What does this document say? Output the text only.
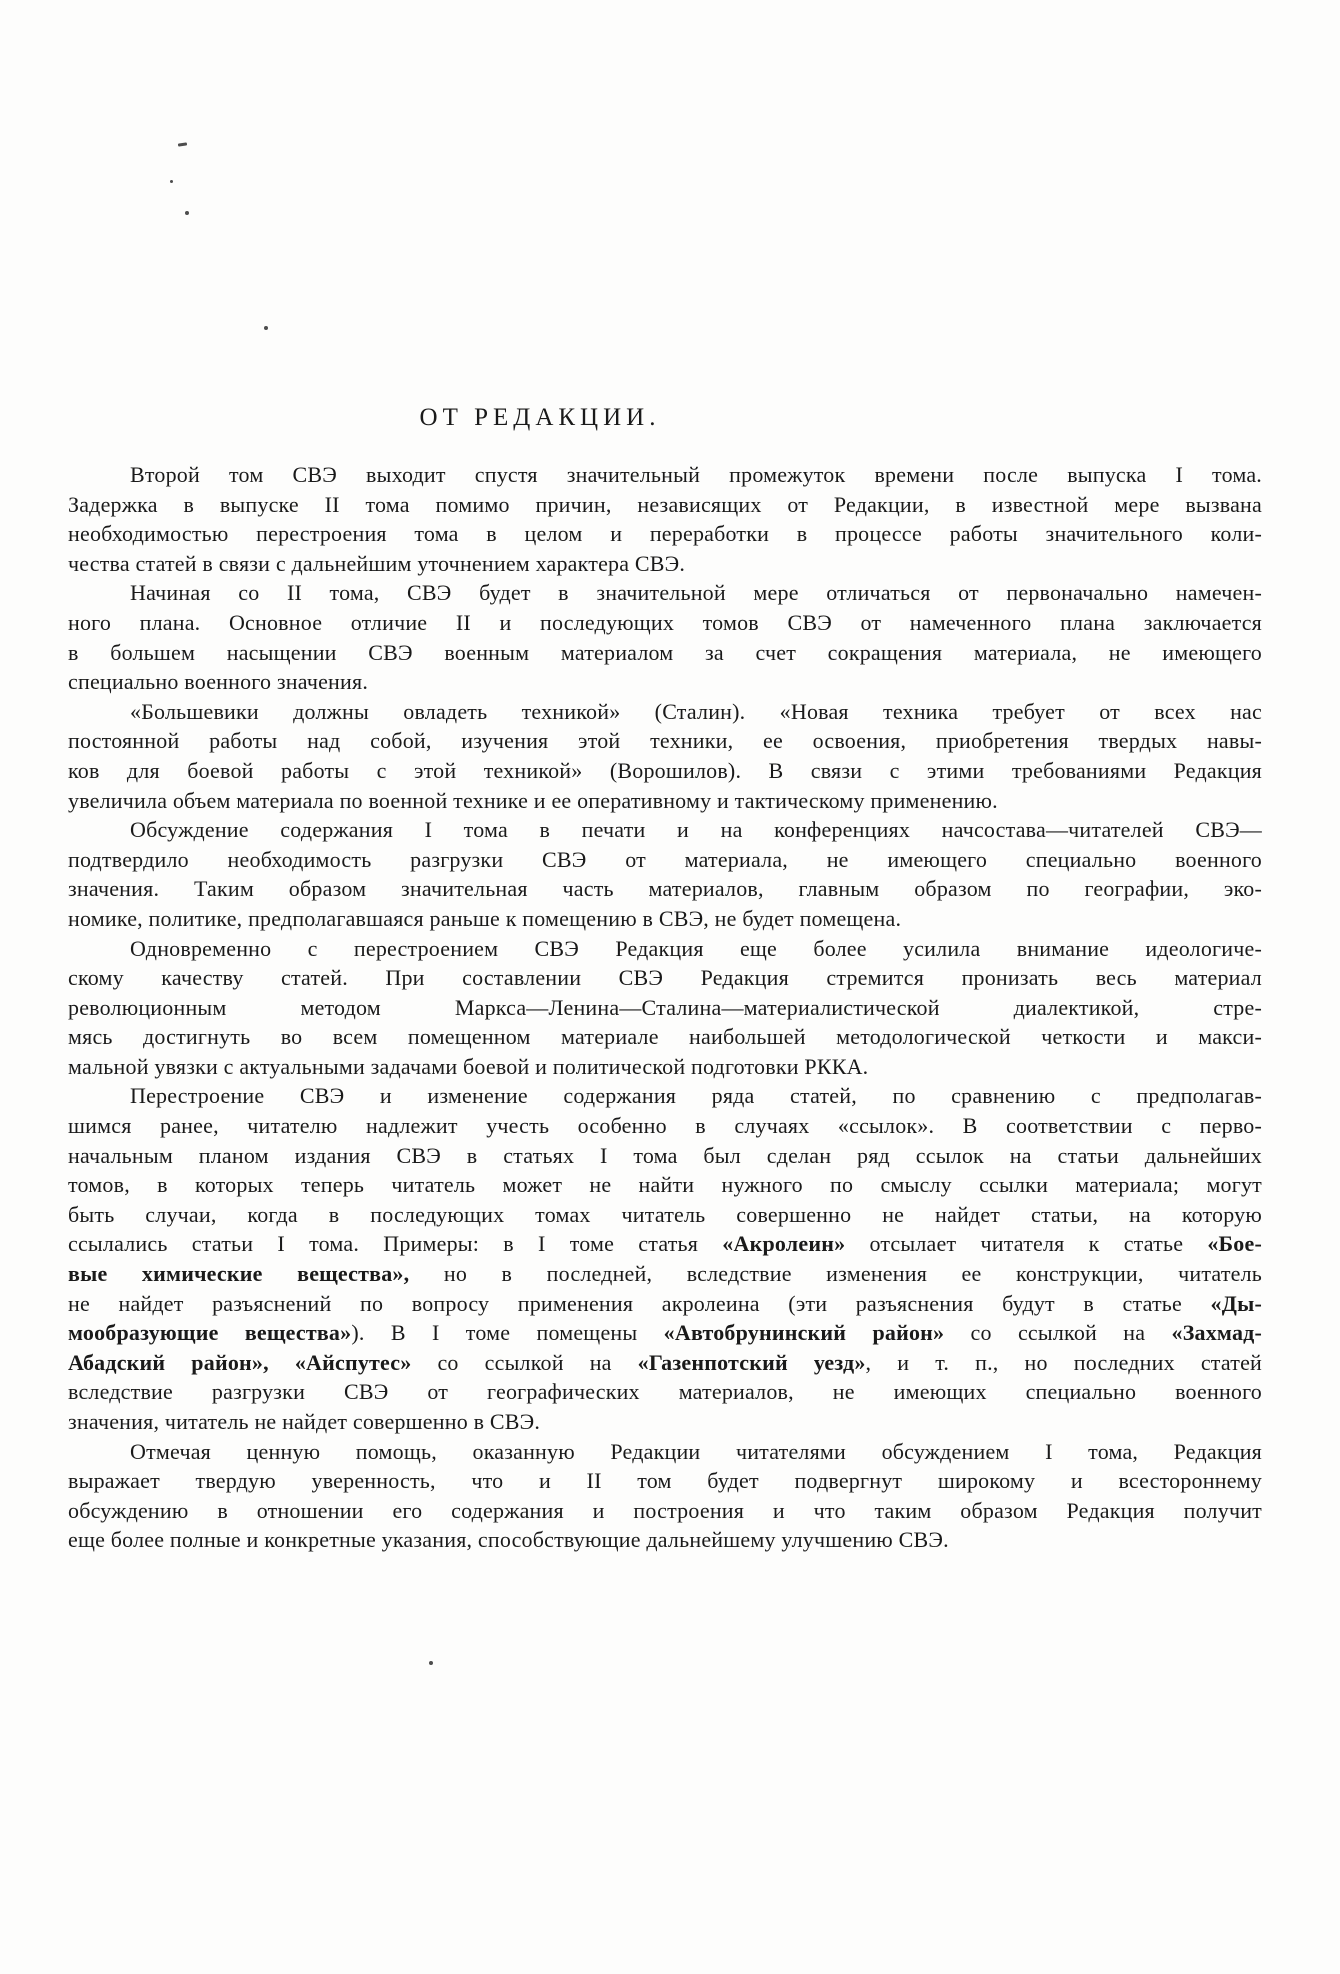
ОТ РЕДАКЦИИ.
Второй том СВЭ выходит спустя значительный промежуток времени после выпуска I тома.
Задержка в выпуске II тома помимо причин, независящих от Редакции, в известной мере вызвана
необходимостью перестроения тома в целом и переработки в процессе работы значительного коли-
чества статей в связи с дальнейшим уточнением характера СВЭ.
Начиная со II тома, СВЭ будет в значительной мере отличаться от первоначально намечен-
ного плана. Основное отличие II и последующих томов СВЭ от намеченного плана заключается
в большем насыщении СВЭ военным материалом за счет сокращения материала, не имеющего
специально военного значения.
«Большевики должны овладеть техникой» (Сталин). «Новая техника требует от всех нас
постоянной работы над собой, изучения этой техники, ее освоения, приобретения твердых навы-
ков для боевой работы с этой техникой» (Ворошилов). В связи с этими требованиями Редакция
увеличила объем материала по военной технике и ее оперативному и тактическому применению.
Обсуждение содержания I тома в печати и на конференциях начсостава—читателей СВЭ—
подтвердило необходимость разгрузки СВЭ от материала, не имеющего специально военного
значения. Таким образом значительная часть материалов, главным образом по географии, эко-
номике, политике, предполагавшаяся раньше к помещению в СВЭ, не будет помещена.
Одновременно с перестроением СВЭ Редакция еще более усилила внимание идеологиче-
скому качеству статей. При составлении СВЭ Редакция стремится пронизать весь материал
революционным методом Маркса—Ленина—Сталина—материалистической диалектикой, стре-
мясь достигнуть во всем помещенном материале наибольшей методологической четкости и макси-
мальной увязки с актуальными задачами боевой и политической подготовки РККА.
Перестроение СВЭ и изменение содержания ряда статей, по сравнению с предполагав-
шимся ранее, читателю надлежит учесть особенно в случаях «ссылок». В соответствии с перво-
начальным планом издания СВЭ в статьях I тома был сделан ряд ссылок на статьи дальнейших
томов, в которых теперь читатель может не найти нужного по смыслу ссылки материала; могут
быть случаи, когда в последующих томах читатель совершенно не найдет статьи, на которую
ссылались статьи I тома. Примеры: в I томе статья «Акролеин» отсылает читателя к статье «Бое-
вые химические вещества», но в последней, вследствие изменения ее конструкции, читатель
не найдет разъяснений по вопросу применения акролеина (эти разъяснения будут в статье «Ды-
мообразующие вещества»). В I томе помещены «Автобрунинский район» со ссылкой на «Захмад-
Абадский район», «Айспутес» со ссылкой на «Газенпотский уезд», и т. п., но последних статей
вследствие разгрузки СВЭ от географических материалов, не имеющих специально военного
значения, читатель не найдет совершенно в СВЭ.
Отмечая ценную помощь, оказанную Редакции читателями обсуждением I тома, Редакция
выражает твердую уверенность, что и II том будет подвергнут широкому и всестороннему
обсуждению в отношении его содержания и построения и что таким образом Редакция получит
еще более полные и конкретные указания, способствующие дальнейшему улучшению СВЭ.
